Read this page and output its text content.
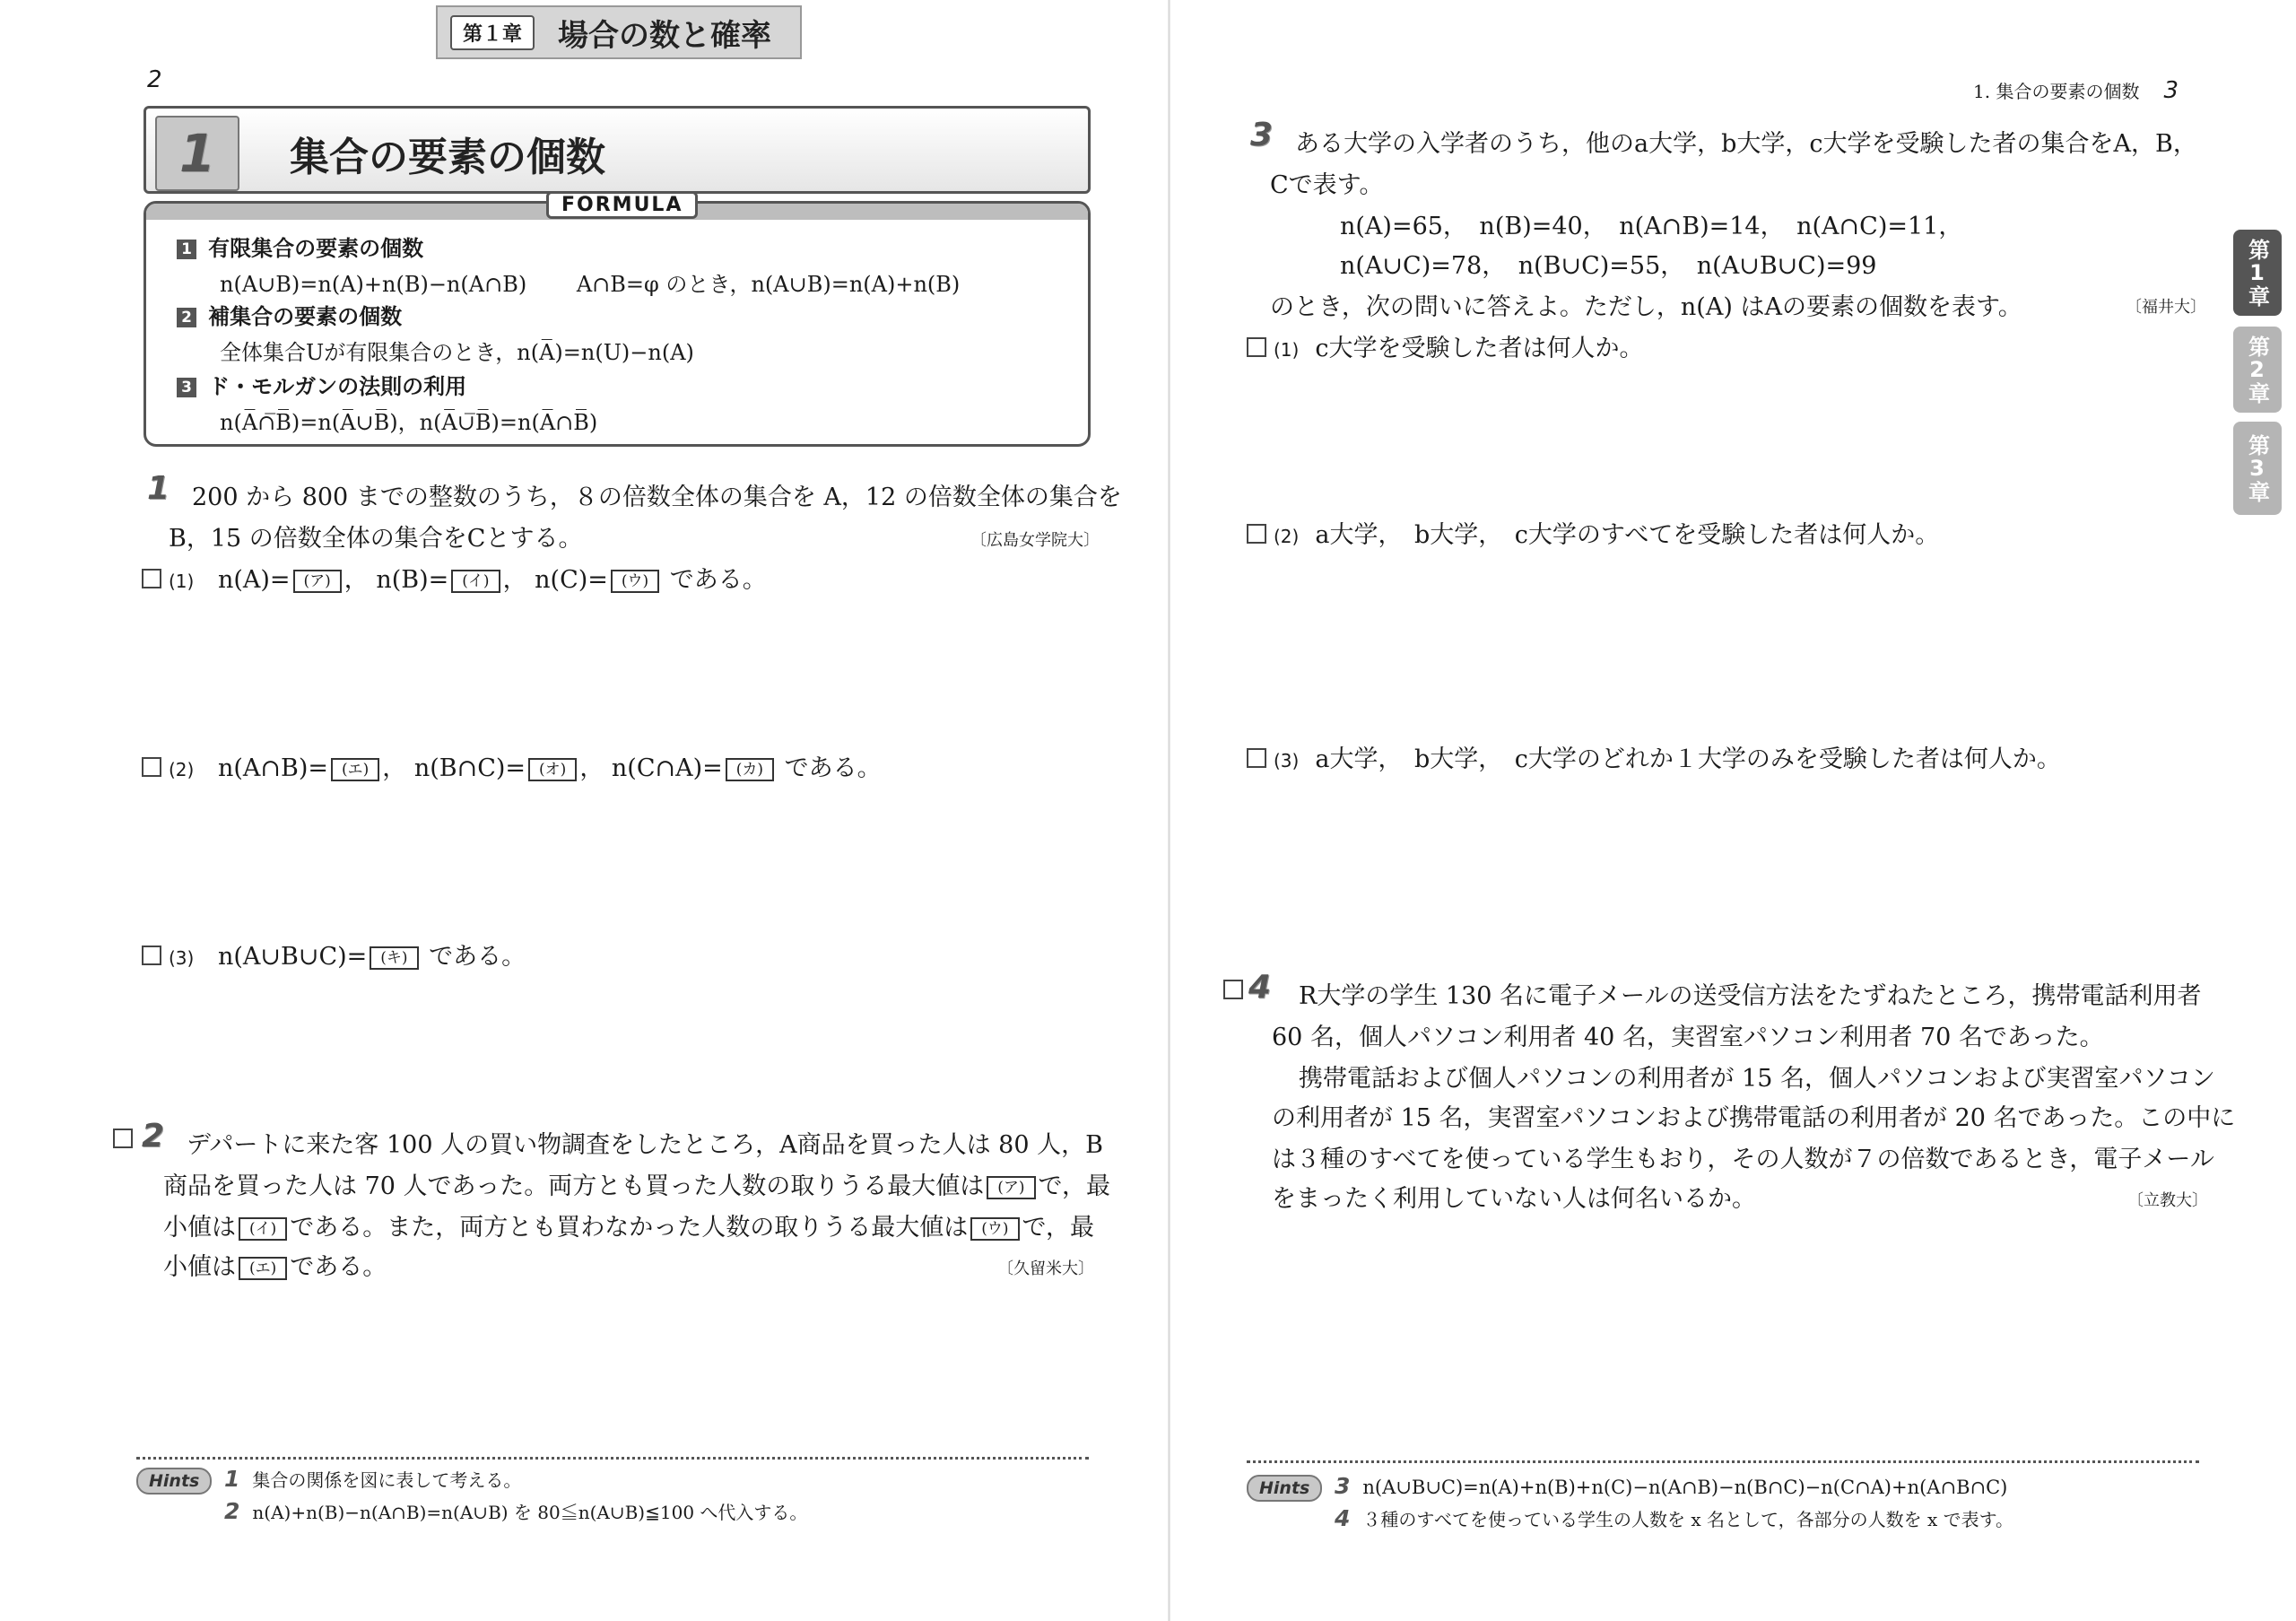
第１章	場合の数と確率
2
1 集合の要素の個数
FORMULA
1 有限集合の要素の個数
n(A∪B)=n(A)+n(B)−n(A∩B)　　 A∩B=φ のとき，n(A∪B)=n(A)+n(B)
2 補集合の要素の個数
全体集合Uが有限集合のとき，n(A̅)=n(U)−n(A)
3 ド・モルガンの法則の利用
n(A̅∩̅B̅)=n(A̅∪B̅)，n(A̅∪̅B̅)=n(A̅∩B̅)
1 200 から 800 までの整数のうち，８の倍数全体の集合を A，12 の倍数全体の集合を
B，15 の倍数全体の集合をCとする。	〔広島女学院大〕
(1) n(A)= (ア) ， n(B)= (イ) ， n(C)= (ウ) である。
(2) n(A∩B)= (エ) ， n(B∩C)= (オ) ， n(C∩A)= (カ) である。
(3) n(A∪B∪C)= (キ) である。
2 デパートに来た客 100 人の買い物調査をしたところ，A商品を買った人は 80 人，B
商品を買った人は 70 人であった。両方とも買った人数の取りうる最大値は (ア) で，最
小値は (イ) である。また，両方とも買わなかった人数の取りうる最大値は (ウ) で，最
小値は (エ) である。	〔久留米大〕
Hints	1 集合の関係を図に表して考える。
2 n(A)+n(B)−n(A∩B)=n(A∪B) を 80≦n(A∪B)≦100 へ代入する。
1. 集合の要素の個数 3
3 ある大学の入学者のうち，他のa大学，b大学，c大学を受験した者の集合をA，B，
Cで表す。
n(A)=65，　n(B)=40，　n(A∩B)=14，　n(A∩C)=11，
n(A∪C)=78，　n(B∪C)=55，　n(A∪B∪C)=99
のとき，次の問いに答えよ。ただし，n(A) はAの要素の個数を表す。	〔福井大〕
(1) c大学を受験した者は何人か。
(2) a大学，　b大学，　c大学のすべてを受験した者は何人か。
(3) a大学，　b大学，　c大学のどれか１大学のみを受験した者は何人か。
4 R大学の学生 130 名に電子メールの送受信方法をたずねたところ，携帯電話利用者
60 名，個人パソコン利用者 40 名，実習室パソコン利用者 70 名であった。
携帯電話および個人パソコンの利用者が 15 名，個人パソコンおよび実習室パソコン
の利用者が 15 名，実習室パソコンおよび携帯電話の利用者が 20 名であった。この中に
は３種のすべてを使っている学生もおり，その人数が７の倍数であるとき，電子メール
をまったく利用していない人は何名いるか。	〔立教大〕
Hints	3 n(A∪B∪C)=n(A)+n(B)+n(C)−n(A∩B)−n(B∩C)−n(C∩A)+n(A∩B∩C)
4 ３種のすべてを使っている学生の人数を x 名として，各部分の人数を x で表す。
第1章
第2章
第3章
